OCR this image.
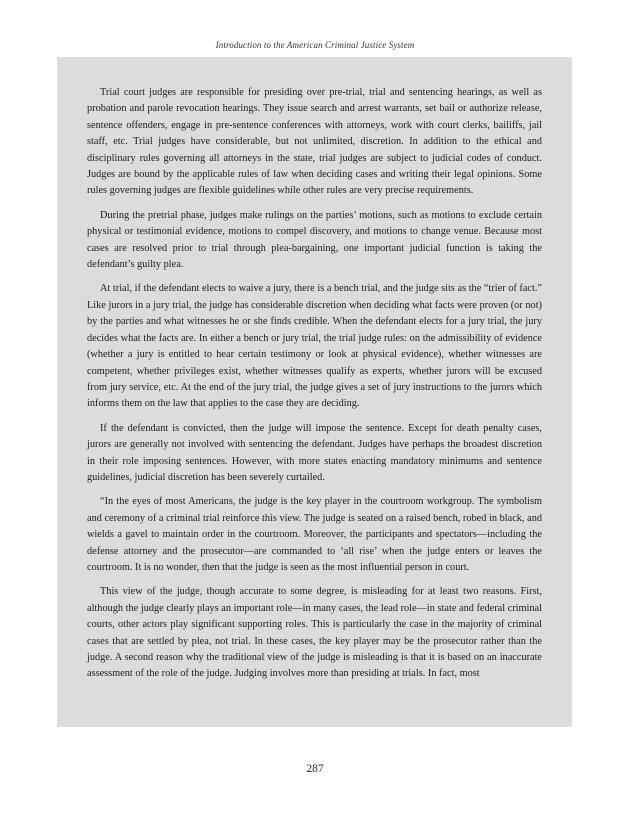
Introduction to the American Criminal Justice System

Trial court judges are responsible for presiding over pre-trial, trial and sentencing hearings, as well as probation and parole revocation hearings. They issue search and arrest warrants, set bail or authorize release, sentence offenders, engage in pre-sentence conferences with attorneys, work with court clerks, bailiffs, jail staff, etc. Trial judges have considerable, but not unlimited, discretion. In addition to the ethical and disciplinary rules governing all attorneys in the state, trial judges are subject to judicial codes of conduct. Judges are bound by the applicable rules of law when deciding cases and writing their legal opinions. Some rules governing judges are flexible guidelines while other rules are very precise requirements.

During the pretrial phase, judges make rulings on the parties’ motions, such as motions to exclude certain physical or testimonial evidence, motions to compel discovery, and motions to change venue. Because most cases are resolved prior to trial through plea-bargaining, one important judicial function is taking the defendant’s guilty plea.

At trial, if the defendant elects to waive a jury, there is a bench trial, and the judge sits as the “trier of fact.” Like jurors in a jury trial, the judge has considerable discretion when deciding what facts were proven (or not) by the parties and what witnesses he or she finds credible. When the defendant elects for a jury trial, the jury decides what the facts are. In either a bench or jury trial, the trial judge rules: on the admissibility of evidence (whether a jury is entitled to hear certain testimony or look at physical evidence), whether witnesses are competent, whether privileges exist, whether witnesses qualify as experts, whether jurors will be excused from jury service, etc. At the end of the jury trial, the judge gives a set of jury instructions to the jurors which informs them on the law that applies to the case they are deciding.

If the defendant is convicted, then the judge will impose the sentence. Except for death penalty cases, jurors are generally not involved with sentencing the defendant. Judges have perhaps the broadest discretion in their role imposing sentences. However, with more states enacting mandatory minimums and sentence guidelines, judicial discretion has been severely curtailed.

“In the eyes of most Americans, the judge is the key player in the courtroom workgroup. The symbolism and ceremony of a criminal trial reinforce this view. The judge is seated on a raised bench, robed in black, and wields a gavel to maintain order in the courtroom. Moreover, the participants and spectators—including the defense attorney and the prosecutor—are commanded to ‘all rise’ when the judge enters or leaves the courtroom. It is no wonder, then that the judge is seen as the most influential person in court.

This view of the judge, though accurate to some degree, is misleading for at least two reasons. First, although the judge clearly plays an important role—in many cases, the lead role—in state and federal criminal courts, other actors play significant supporting roles. This is particularly the case in the majority of criminal cases that are settled by plea, not trial. In these cases, the key player may be the prosecutor rather than the judge. A second reason why the traditional view of the judge is misleading is that it is based on an inaccurate assessment of the role of the judge. Judging involves more than presiding at trials. In fact, most

287
